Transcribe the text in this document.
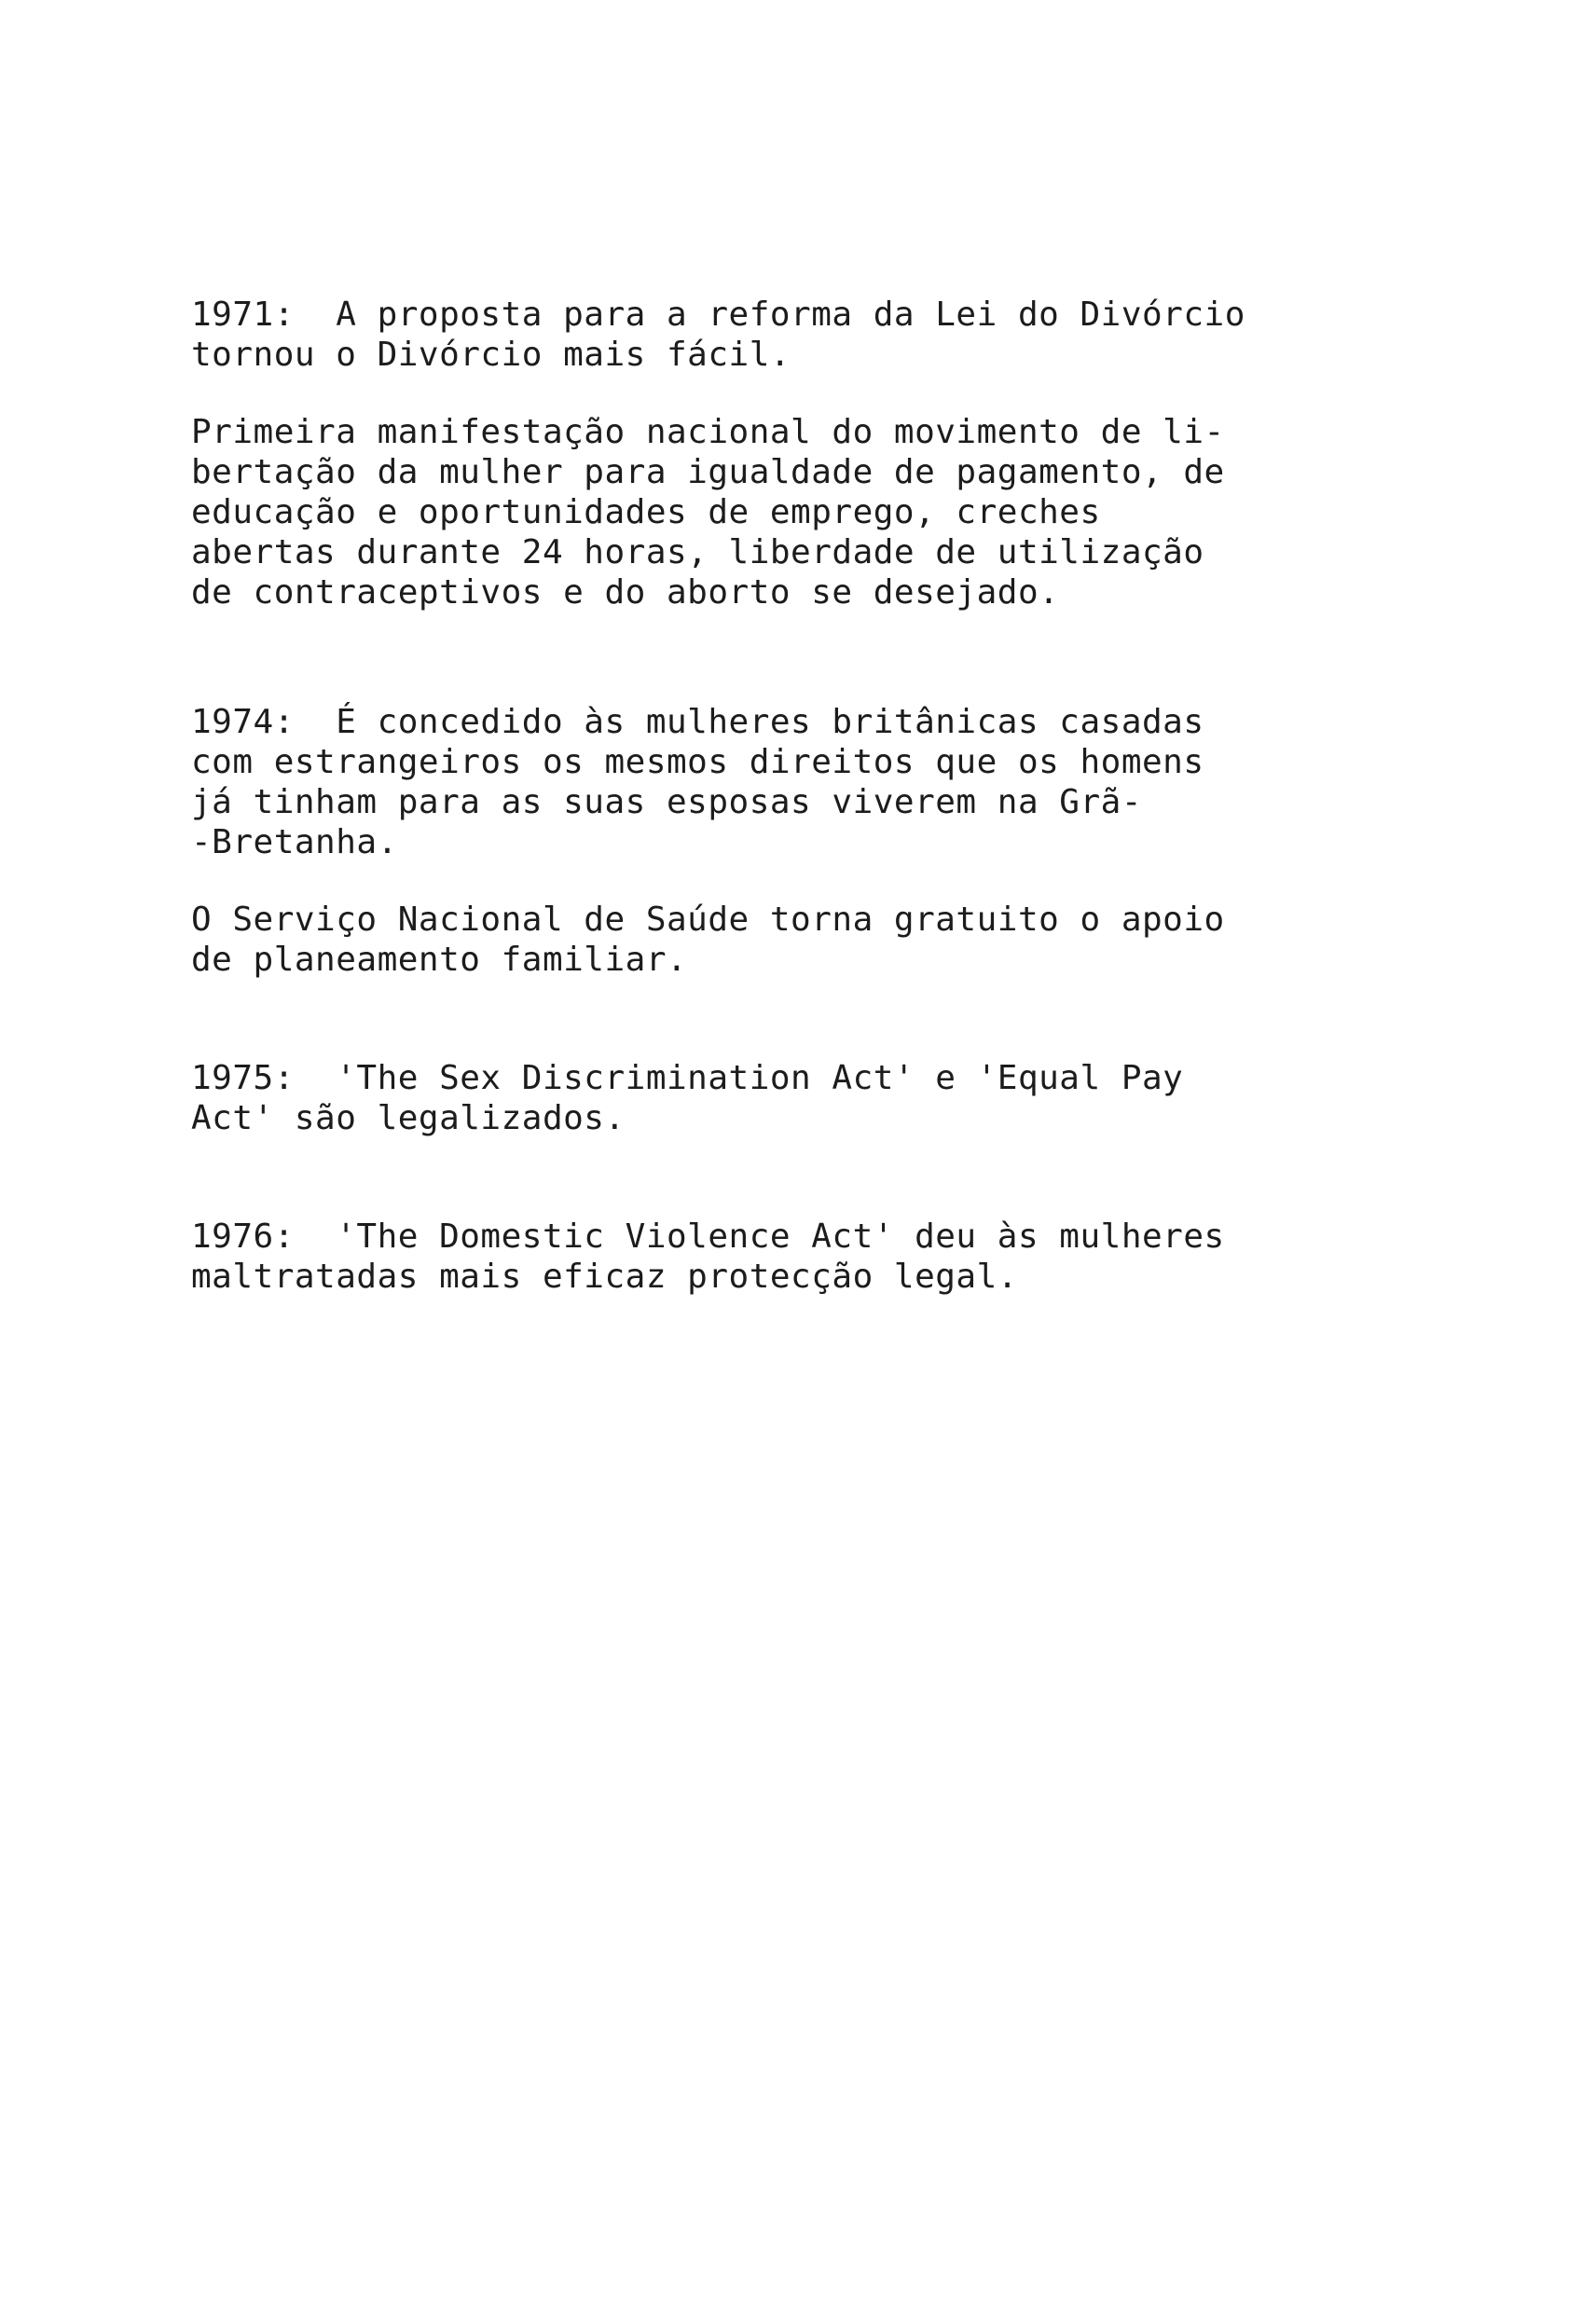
1971:  A proposta para a reforma da Lei do Divórcio
tornou o Divórcio mais fácil.

Primeira manifestação nacional do movimento de li-
bertação da mulher para igualdade de pagamento, de
educação e oportunidades de emprego, creches
abertas durante 24 horas, liberdade de utilização
de contraceptivos e do aborto se desejado.

1974:  É concedido às mulheres britânicas casadas
com estrangeiros os mesmos direitos que os homens
já tinham para as suas esposas viverem na Grã-
-Bretanha.

O Serviço Nacional de Saúde torna gratuito o apoio
de planeamento familiar.

1975:  'The Sex Discrimination Act' e 'Equal Pay
Act' são legalizados.

1976:  'The Domestic Violence Act' deu às mulheres
maltratadas mais eficaz protecção legal.
